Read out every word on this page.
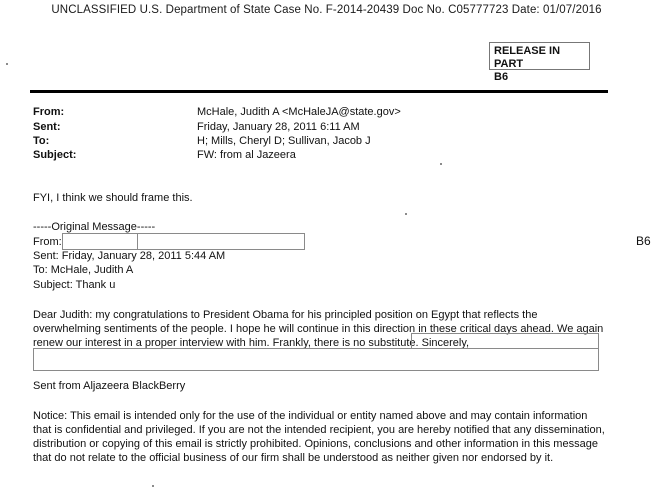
UNCLASSIFIED U.S. Department of State Case No. F-2014-20439 Doc No. C05777723 Date: 01/07/2016
RELEASE IN PART
B6
From:	McHale, Judith A <McHaleJA@state.gov>
Sent:	Friday, January 28, 2011 6:11 AM
To:	H; Mills, Cheryl D; Sullivan, Jacob J
Subject:	FW: from al Jazeera
FYI, I think we should frame this.
-----Original Message-----
From:
Sent: Friday, January 28, 2011 5:44 AM
To: McHale, Judith A
Subject: Thank u
B6
Dear Judith: my congratulations to President Obama for his principled position on Egypt that reflects the overwhelming sentiments of the people. I hope he will continue in this direction in these critical days ahead. We again renew our interest in a proper interview with him. Frankly, there is no substitute. Sincerely,
Sent from Aljazeera BlackBerry
Notice: This email is intended only for the use of the individual or entity named above and may contain information that is confidential and privileged. If you are not the intended recipient, you are hereby notified that any dissemination, distribution or copying of this email is strictly prohibited. Opinions, conclusions and other information in this message that do not relate to the official business of our firm shall be understood as neither given nor endorsed by it.
